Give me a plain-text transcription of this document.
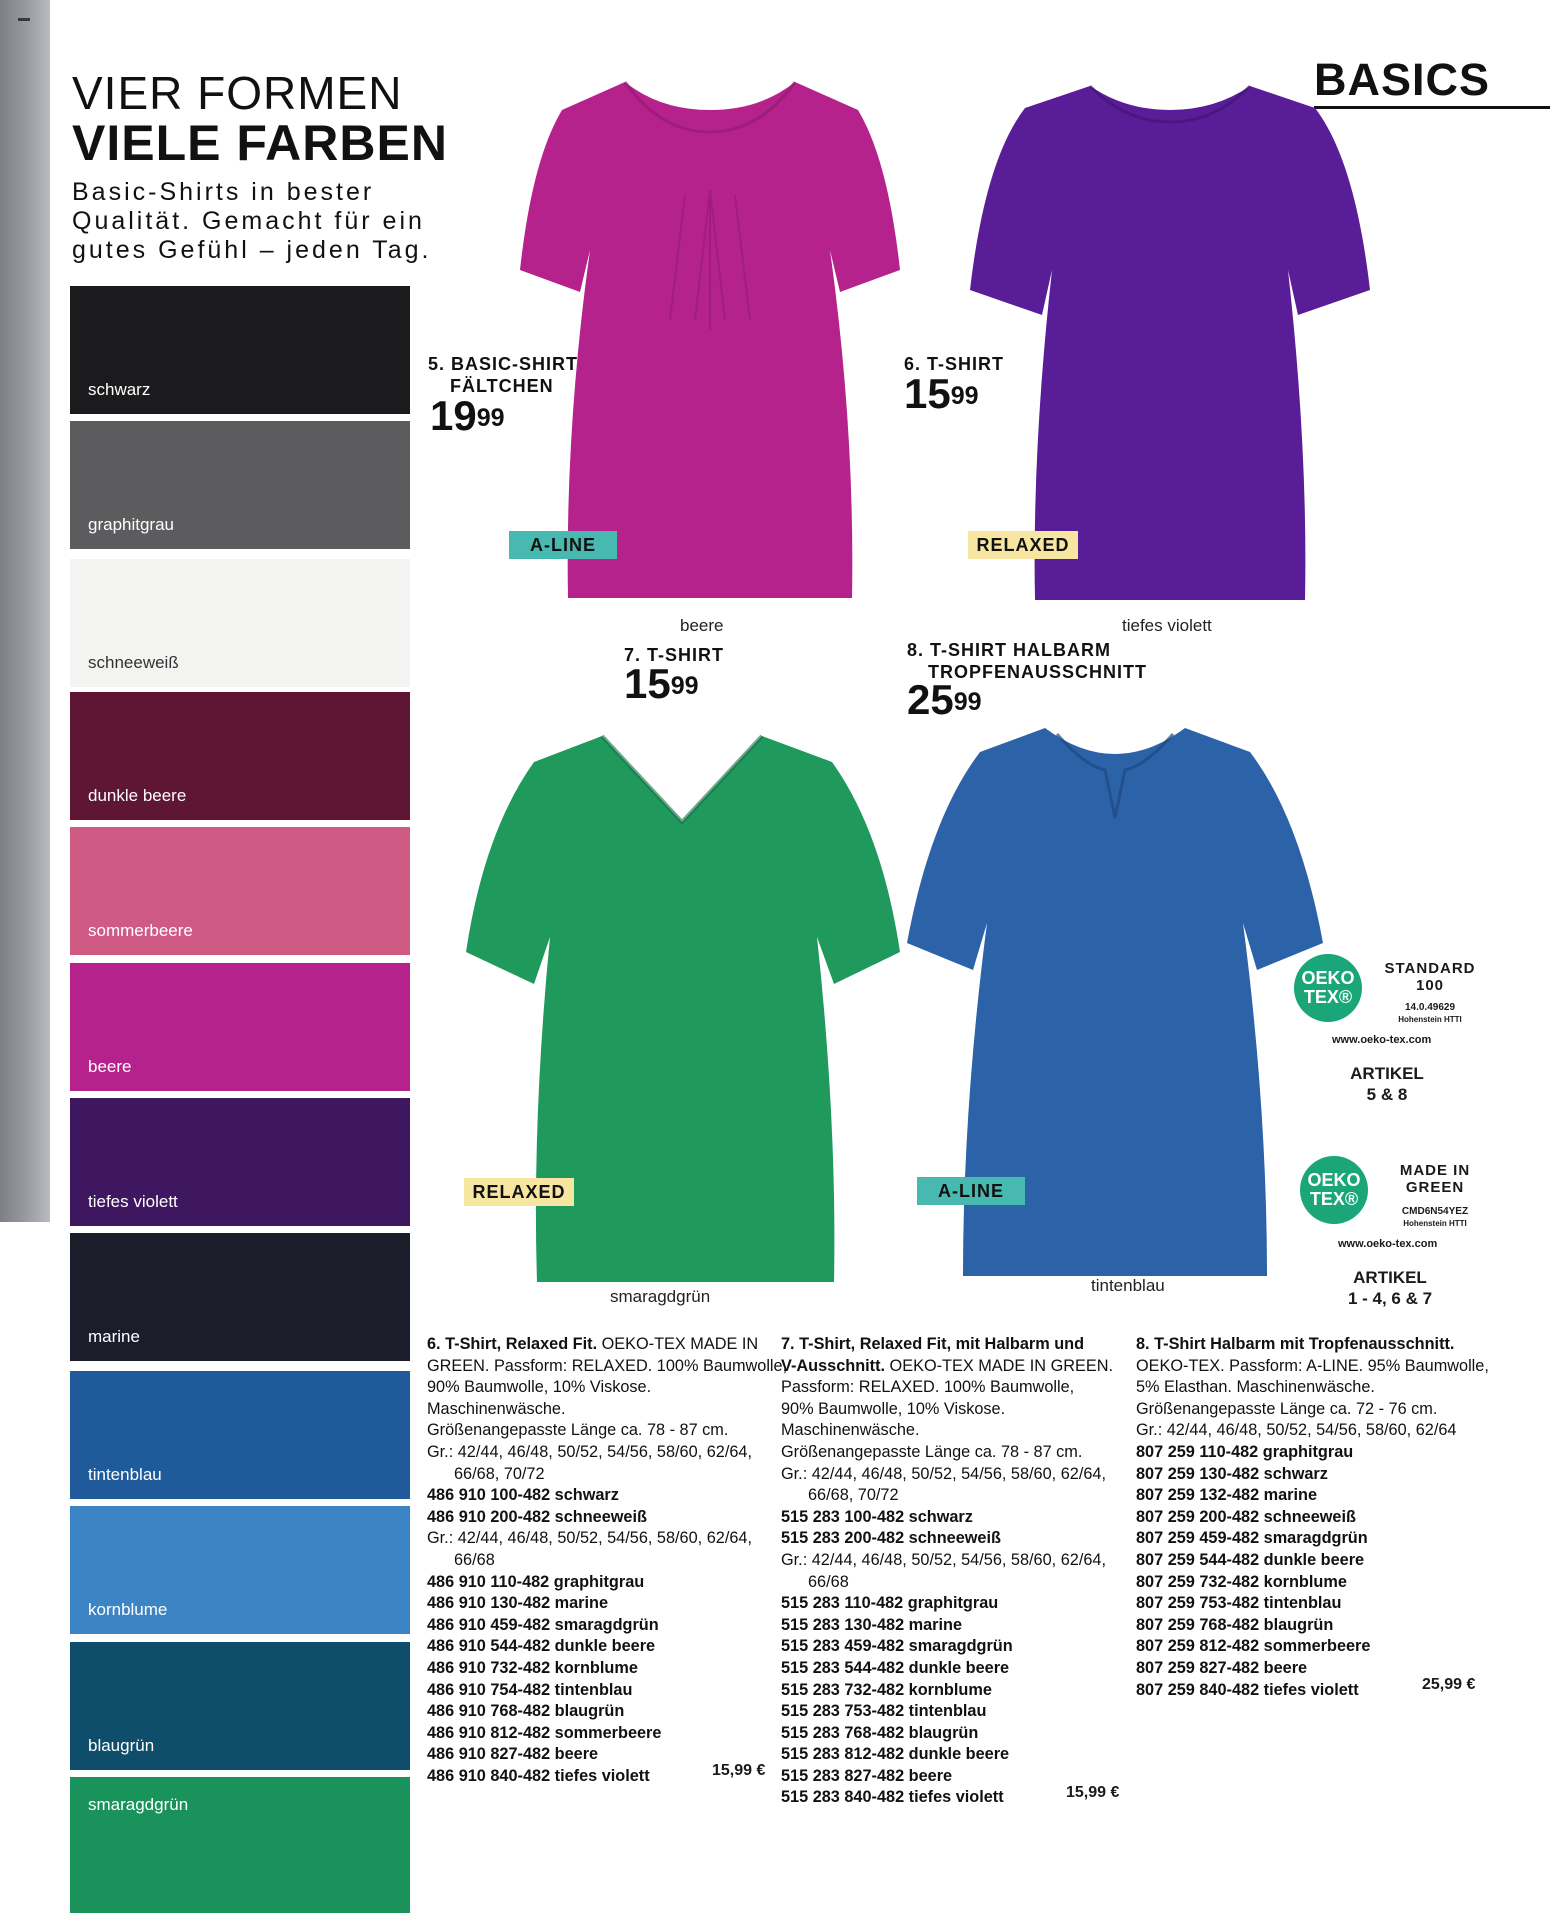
VIER FORMEN
VIELE FARBEN
Basic-Shirts in bester Qualität. Gemacht für ein gutes Gefühl – jeden Tag.
BASICS
schwarz
graphitgrau
schneeweiß
dunkle beere
sommerbeere
beere
tiefes violett
marine
tintenblau
kornblume
blaugrün
smaragdgrün
5. BASIC-SHIRT
FÄLTCHEN
1999
A-LINE
beere
6. T-SHIRT
1599
RELAXED
tiefes violett
7. T-SHIRT
1599
RELAXED
smaragdgrün
8. T-SHIRT HALBARM
TROPFENAUSSCHNITT
2599
A-LINE
tintenblau
OEKO
TEX®
STANDARD
100
14.0.49629
Hohenstein HTTI
www.oeko-tex.com
ARTIKEL
5 & 8
OEKO
TEX®
MADE IN
GREEN
CMD6N54YEZ
Hohenstein HTTI
www.oeko-tex.com
ARTIKEL
1 - 4, 6 & 7
6. T-Shirt, Relaxed Fit. OEKO-TEX MADE IN
GREEN. Passform: RELAXED. 100% Baumwolle,
90% Baumwolle, 10% Viskose.
Maschinenwäsche.
Größenangepasste Länge ca. 78 - 87 cm.
Gr.: 42/44, 46/48, 50/52, 54/56, 58/60, 62/64,
66/68, 70/72
486 910 100-482 schwarz
486 910 200-482 schneeweiß
Gr.: 42/44, 46/48, 50/52, 54/56, 58/60, 62/64,
66/68
486 910 110-482 graphitgrau
486 910 130-482 marine
486 910 459-482 smaragdgrün
486 910 544-482 dunkle beere
486 910 732-482 kornblume
486 910 754-482 tintenblau
486 910 768-482 blaugrün
486 910 812-482 sommerbeere
486 910 827-482 beere
486 910 840-482 tiefes violett	15,99 €
7. T-Shirt, Relaxed Fit, mit Halbarm und
V-Ausschnitt. OEKO-TEX MADE IN GREEN.
Passform: RELAXED. 100% Baumwolle,
90% Baumwolle, 10% Viskose.
Maschinenwäsche.
Größenangepasste Länge ca. 78 - 87 cm.
Gr.: 42/44, 46/48, 50/52, 54/56, 58/60, 62/64,
66/68, 70/72
515 283 100-482 schwarz
515 283 200-482 schneeweiß
Gr.: 42/44, 46/48, 50/52, 54/56, 58/60, 62/64,
66/68
515 283 110-482 graphitgrau
515 283 130-482 marine
515 283 459-482 smaragdgrün
515 283 544-482 dunkle beere
515 283 732-482 kornblume
515 283 753-482 tintenblau
515 283 768-482 blaugrün
515 283 812-482 dunkle beere
515 283 827-482 beere
515 283 840-482 tiefes violett	15,99 €
8. T-Shirt Halbarm mit Tropfenausschnitt.
OEKO-TEX. Passform: A-LINE. 95% Baumwolle,
5% Elasthan. Maschinenwäsche.
Größenangepasste Länge ca. 72 - 76 cm.
Gr.: 42/44, 46/48, 50/52, 54/56, 58/60, 62/64
807 259 110-482 graphitgrau
807 259 130-482 schwarz
807 259 132-482 marine
807 259 200-482 schneeweiß
807 259 459-482 smaragdgrün
807 259 544-482 dunkle beere
807 259 732-482 kornblume
807 259 753-482 tintenblau
807 259 768-482 blaugrün
807 259 812-482 sommerbeere
807 259 827-482 beere
807 259 840-482 tiefes violett	25,99 €
